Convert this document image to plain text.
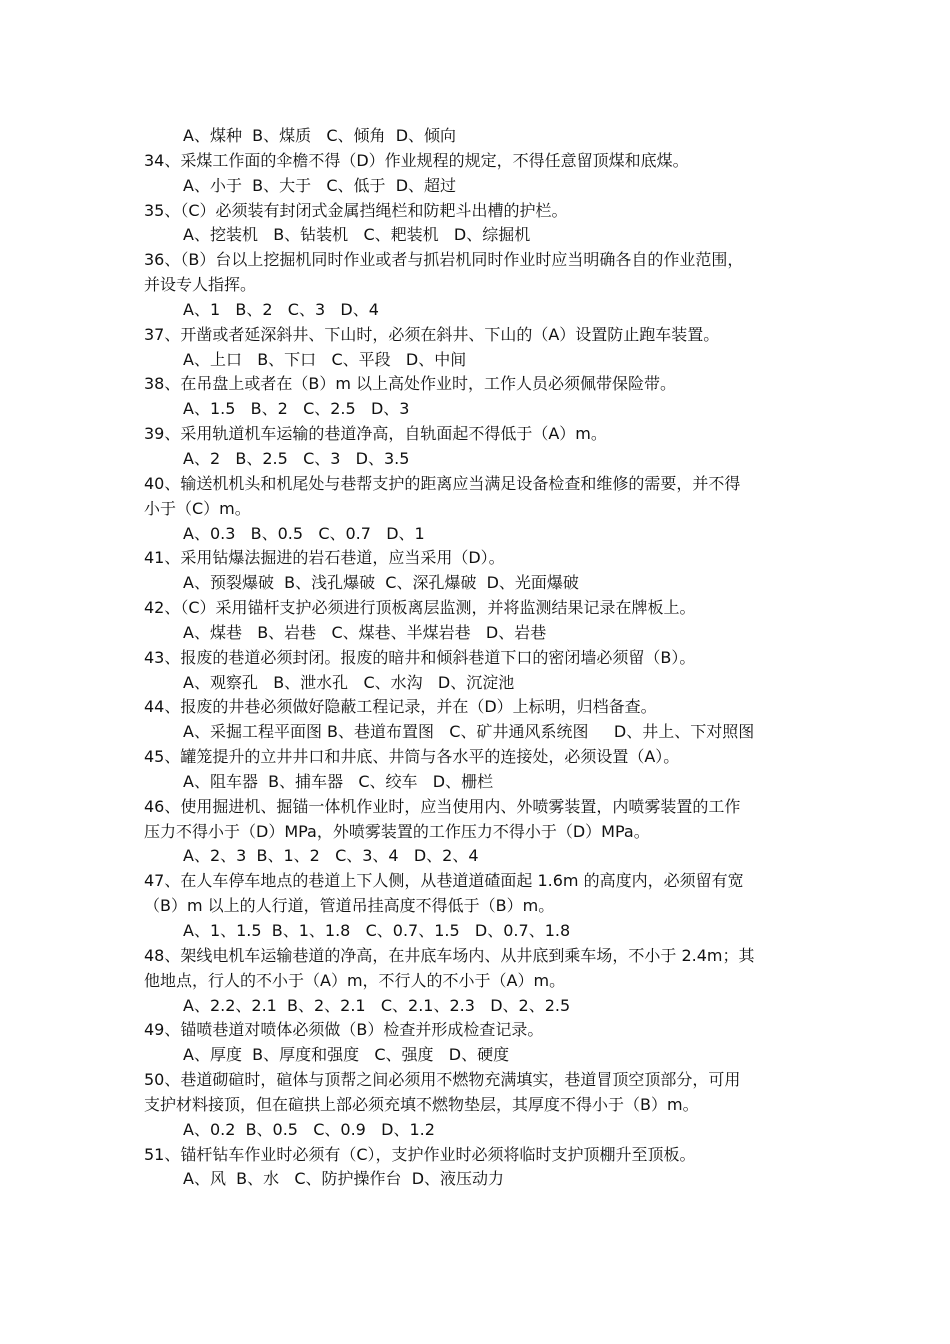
A、煤种  B、煤质   C、倾角  D、倾向
34、采煤工作面的伞檐不得（D）作业规程的规定，不得任意留顶煤和底煤。
A、小于  B、大于   C、低于  D、超过
35、（C）必须装有封闭式金属挡绳栏和防耙斗出槽的护栏。
A、挖装机   B、钻装机   C、耙装机   D、综掘机
36、（B）台以上挖掘机同时作业或者与抓岩机同时作业时应当明确各自的作业范围，
并设专人指挥。
A、1   B、2   C、3   D、4
37、开凿或者延深斜井、下山时，必须在斜井、下山的（A）设置防止跑车装置。
A、上口   B、下口   C、平段   D、中间
38、在吊盘上或者在（B）m 以上高处作业时，工作人员必须佩带保险带。
A、1.5   B、2   C、2.5   D、3
39、采用轨道机车运输的巷道净高，自轨面起不得低于（A）m。
A、2   B、2.5   C、3   D、3.5
40、输送机机头和机尾处与巷帮支护的距离应当满足设备检查和维修的需要，并不得
小于（C）m。
A、0.3   B、0.5   C、0.7   D、1
41、采用钻爆法掘进的岩石巷道，应当采用（D）。
A、预裂爆破  B、浅孔爆破  C、深孔爆破  D、光面爆破
42、（C）采用锚杆支护必须进行顶板离层监测，并将监测结果记录在牌板上。
A、煤巷   B、岩巷   C、煤巷、半煤岩巷   D、岩巷
43、报废的巷道必须封闭。报废的暗井和倾斜巷道下口的密闭墙必须留（B）。
A、观察孔   B、泄水孔   C、水沟   D、沉淀池
44、报废的井巷必须做好隐蔽工程记录，并在（D）上标明，归档备查。
A、采掘工程平面图 B、巷道布置图   C、矿井通风系统图     D、井上、下对照图
45、罐笼提升的立井井口和井底、井筒与各水平的连接处，必须设置（A）。
A、阻车器  B、捕车器   C、绞车   D、栅栏
46、使用掘进机、掘锚一体机作业时，应当使用内、外喷雾装置，内喷雾装置的工作
压力不得小于（D）MPa，外喷雾装置的工作压力不得小于（D）MPa。
A、2、3  B、1、2   C、3、4   D、2、4
47、在人车停车地点的巷道上下人侧，从巷道道碴面起 1.6m 的高度内，必须留有宽
（B）m 以上的人行道，管道吊挂高度不得低于（B）m。
A、1、1.5  B、1、1.8   C、0.7、1.5   D、0.7、1.8
48、架线电机车运输巷道的净高，在井底车场内、从井底到乘车场，不小于 2.4m；其
他地点，行人的不小于（A）m，不行人的不小于（A）m。
A、2.2、2.1  B、2、2.1   C、2.1、2.3   D、2、2.5
49、锚喷巷道对喷体必须做（B）检查并形成检查记录。
A、厚度  B、厚度和强度   C、强度   D、硬度
50、巷道砌碹时，碹体与顶帮之间必须用不燃物充满填实，巷道冒顶空顶部分，可用
支护材料接顶，但在碹拱上部必须充填不燃物垫层，其厚度不得小于（B）m。
A、0.2  B、0.5   C、0.9   D、1.2
51、锚杆钻车作业时必须有（C），支护作业时必须将临时支护顶棚升至顶板。
A、风  B、水   C、防护操作台  D、液压动力
